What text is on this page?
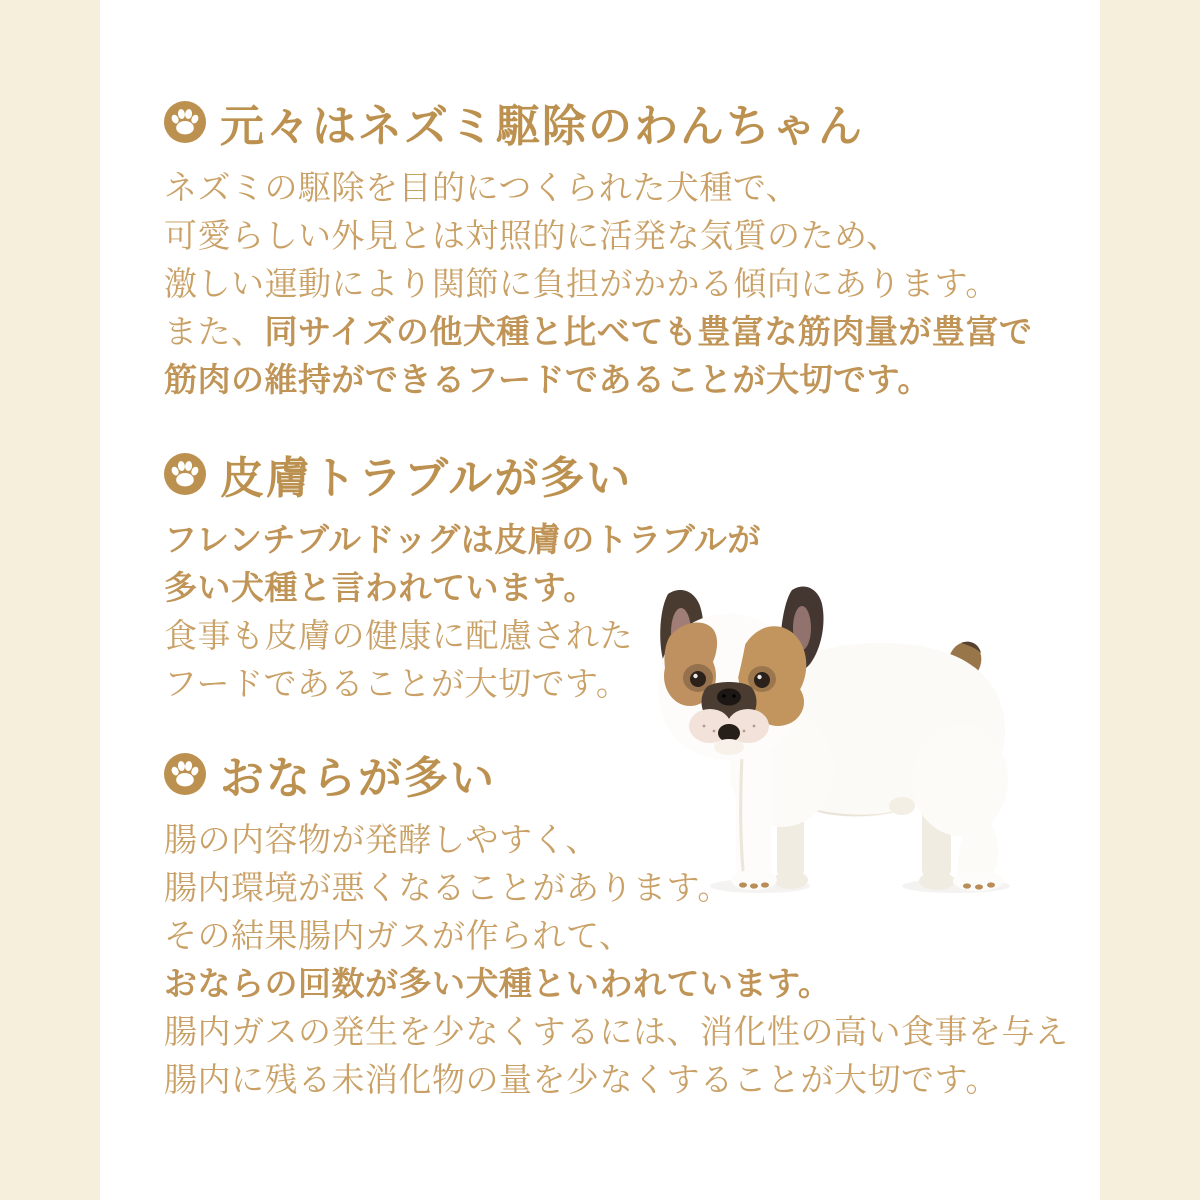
元々はネズミ駆除のわんちゃん
ネズミの駆除を目的につくられた犬種で、
可愛らしい外見とは対照的に活発な気質のため、
激しい運動により関節に負担がかかる傾向にあります。
また、同サイズの他犬種と比べても豊富な筋肉量が豊富で
筋肉の維持ができるフードであることが大切です。
皮膚トラブルが多い
フレンチブルドッグは皮膚のトラブルが
多い犬種と言われています。
食事も皮膚の健康に配慮された
フードであることが大切です。
おならが多い
腸の内容物が発酵しやすく、
腸内環境が悪くなることがあります。
その結果腸内ガスが作られて、
おならの回数が多い犬種といわれています。
腸内ガスの発生を少なくするには、消化性の高い食事を与え
腸内に残る未消化物の量を少なくすることが大切です。
